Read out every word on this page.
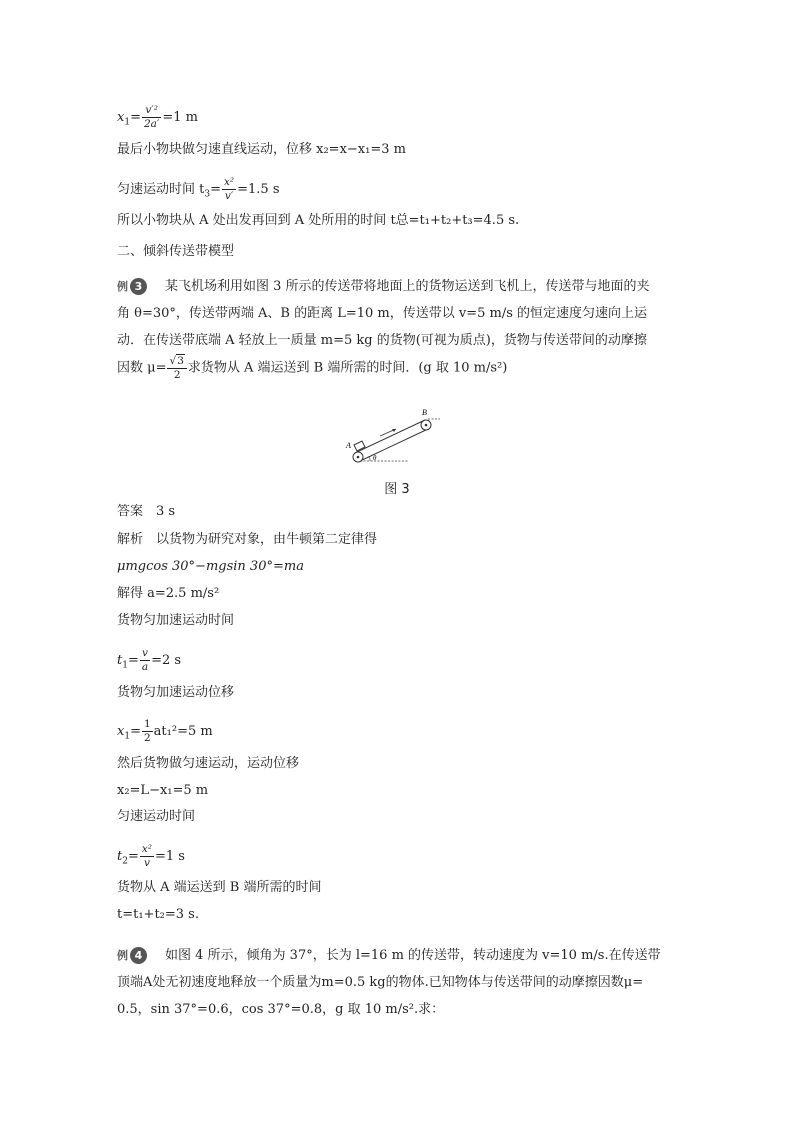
$x_1= \frac{\text{v′²}}{2a'} =1$ m
最后小物块做匀速直线运动，位移 x₂=x−x₁=3 m
匀速运动时间 $t_3= \frac{\text{x²}}{v'} =1.5$ s
所以小物块从 A 处出发再回到 A 处所用的时间 t总=t₁+t₂+t₃=4.5 s.
二、倾斜传送带模型
例 3 某飞机场利用如图 3 所示的传送带将地面上的货物运送到飞机上，传送带与地面的夹
角 θ=30°，传送带两端 A、B 的距离 L=10 m，传送带以 v=5 m/s 的恒定速度匀速向上运
动．在传送带底端 A 轻放上一质量 m=5 kg 的货物(可视为质点)，货物与传送带间的动摩擦
因数 $\mu= \frac{√3}{2}$ 求货物从 A 端运送到 B 端所需的时间．(g 取 10 m/s²)
A
B
θ
图 3
答案　3 s
解析　以货物为研究对象，由牛顿第二定律得
μmgcos 30°−mgsin 30°=ma
解得 a=2.5 m/s²
货物匀加速运动时间
$t_1= \frac{v}{a} =2$ s
货物匀加速运动位移
$x_1= \frac{1}{2} at_1^2=5$ m
然后货物做匀速运动，运动位移
x₂=L−x₁=5 m
匀速运动时间
$t_2= \frac{\text{x²}}{v} =1$ s
货物从 A 端运送到 B 端所需的时间
t=t₁+t₂=3 s.
例 4 如图 4 所示，倾角为 37°，长为 l=16 m 的传送带，转动速度为 v=10 m/s.在传送带
顶端A处无初速度地释放一个质量为m=0.5 kg的物体.已知物体与传送带间的动摩擦因数μ=
0.5，sin 37°=0.6，cos 37°=0.8，g 取 10 m/s².求：
